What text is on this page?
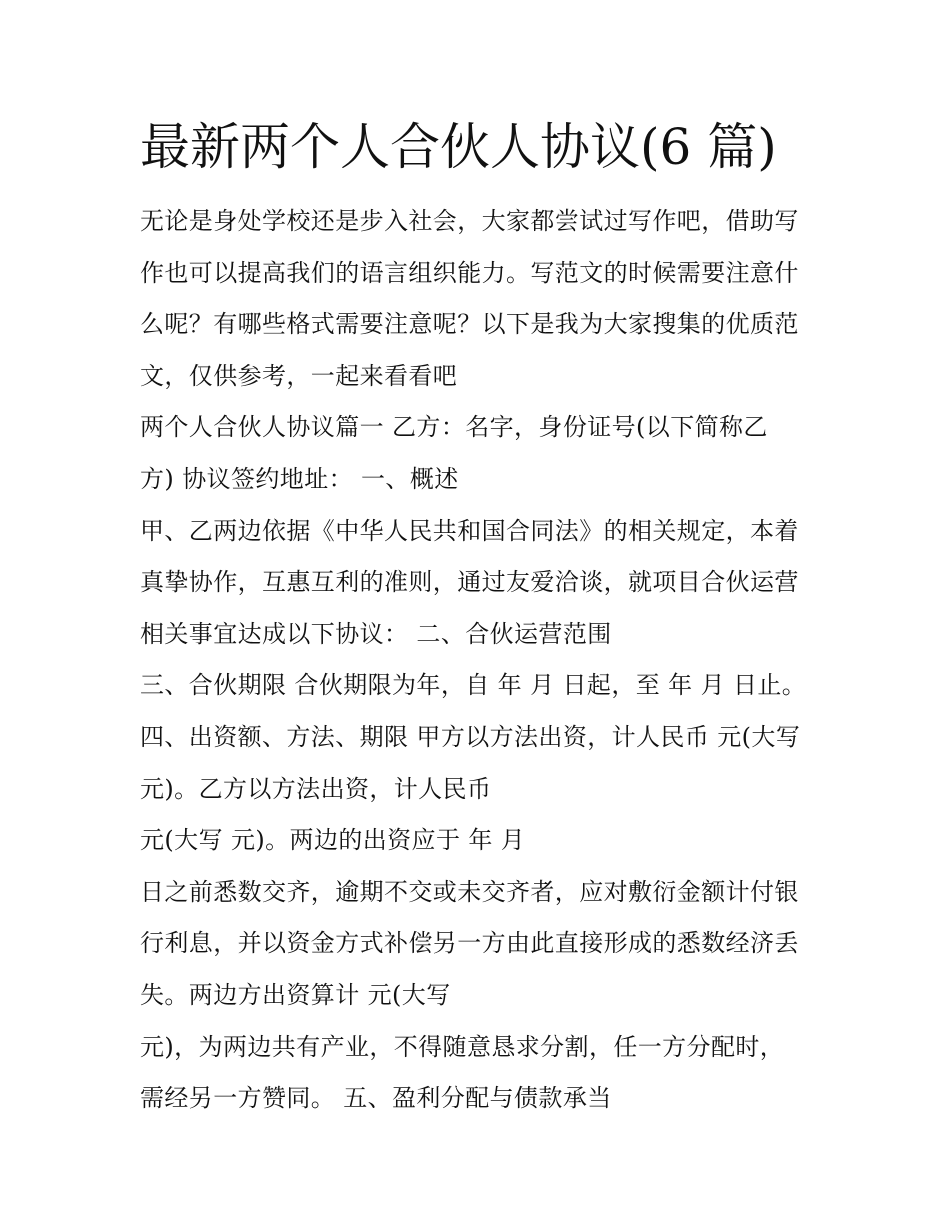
最新两个人合伙人协议(6 篇)
无论是身处学校还是步入社会，大家都尝试过写作吧，借助写
作也可以提高我们的语言组织能力。写范文的时候需要注意什
么呢？有哪些格式需要注意呢？以下是我为大家搜集的优质范
文，仅供参考，一起来看看吧
两个人合伙人协议篇一 乙方：名字，身份证号(以下简称乙
方) 协议签约地址： 一、概述
甲、乙两边依据《中华人民共和国合同法》的相关规定，本着
真挚协作，互惠互利的准则，通过友爱洽谈，就项目合伙运营
相关事宜达成以下协议： 二、合伙运营范围
三、合伙期限 合伙期限为年，自 年 月 日起，至 年 月 日止。
四、出资额、方法、期限 甲方以方法出资，计人民币 元(大写
元)。乙方以方法出资，计人民币
元(大写 元)。两边的出资应于 年 月
日之前悉数交齐，逾期不交或未交齐者，应对敷衍金额计付银
行利息，并以资金方式补偿另一方由此直接形成的悉数经济丢
失。两边方出资算计 元(大写
元)，为两边共有产业，不得随意恳求分割，任一方分配时，
需经另一方赞同。 五、盈利分配与债款承当
